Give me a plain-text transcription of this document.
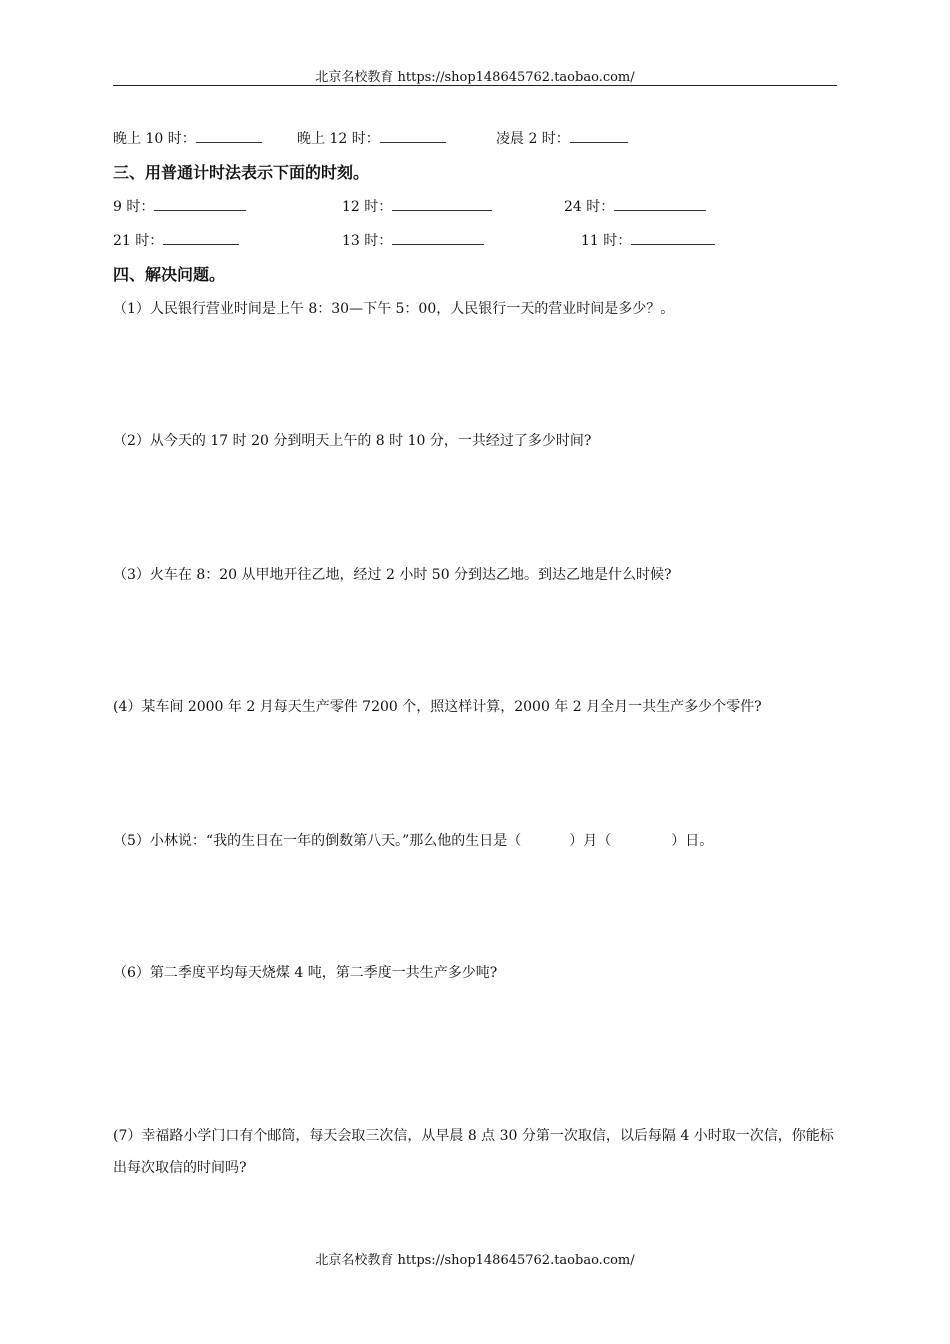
北京名校教育 https://shop148645762.taobao.com/
晚上 10 时：	晚上 12 时：	凌晨 2 时：
三、用普通计时法表示下面的时刻。
9 时：	12 时：	24 时：
21 时：	13 时：	11 时：
四、解决问题。
（1）人民银行营业时间是上午 8：30—下午 5：00，人民银行一天的营业时间是多少？。
（2）从今天的 17 时 20 分到明天上午的 8 时 10 分，一共经过了多少时间?
（3）火车在 8：20 从甲地开往乙地，经过 2 小时 50 分到达乙地。到达乙地是什么时候?
(4）某车间 2000 年 2 月每天生产零件 7200 个，照这样计算，2000 年 2 月全月一共生产多少个零件?
（5）小林说：“我的生日在一年的倒数第八天。”那么他的生日是（	）月（	）日。
（6）第二季度平均每天烧煤 4 吨，第二季度一共生产多少吨?
(7）幸福路小学门口有个邮筒，每天会取三次信，从早晨 8 点 30 分第一次取信，以后每隔 4 小时取一次信，你能标出每次取信的时间吗?
北京名校教育 https://shop148645762.taobao.com/
